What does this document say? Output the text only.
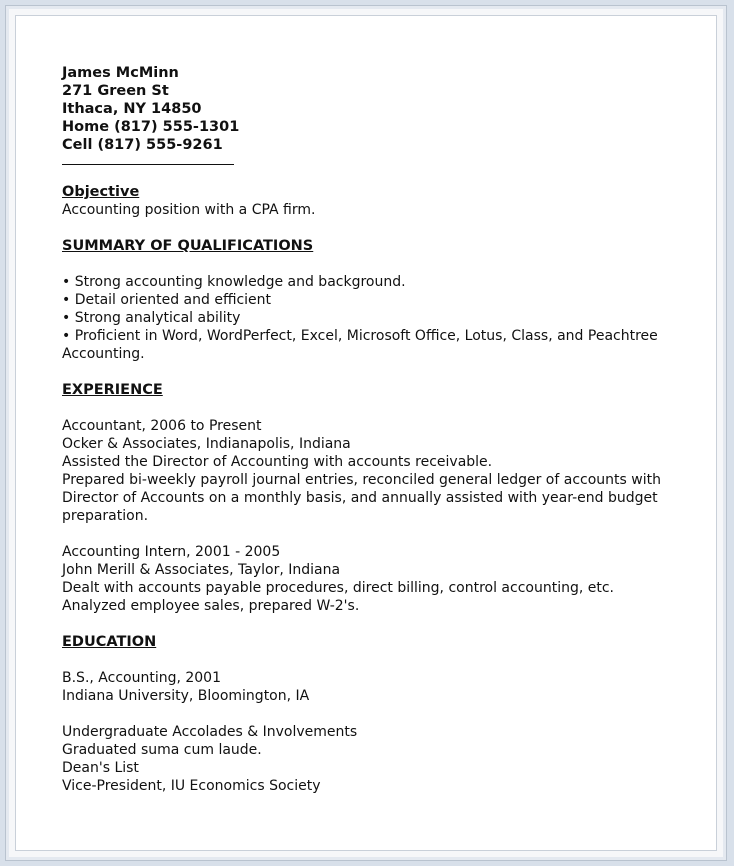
James McMinn
271 Green St
Ithaca, NY 14850
Home (817) 555-1301
Cell (817) 555-9261
Objective
Accounting position with a CPA firm.
SUMMARY OF QUALIFICATIONS
• Strong accounting knowledge and background.
• Detail oriented and efficient
• Strong analytical ability
• Proficient in Word, WordPerfect, Excel, Microsoft Office, Lotus, Class, and Peachtree
Accounting.
EXPERIENCE
Accountant, 2006 to Present
Ocker & Associates, Indianapolis, Indiana
Assisted the Director of Accounting with accounts receivable.
Prepared bi-weekly payroll journal entries, reconciled general ledger of accounts with
Director of Accounts on a monthly basis, and annually assisted with year-end budget
preparation.
Accounting Intern, 2001 - 2005
John Merill & Associates, Taylor, Indiana
Dealt with accounts payable procedures, direct billing, control accounting, etc.
Analyzed employee sales, prepared W-2's.
EDUCATION
B.S., Accounting, 2001
Indiana University, Bloomington, IA
Undergraduate Accolades & Involvements
Graduated suma cum laude.
Dean's List
Vice-President, IU Economics Society
